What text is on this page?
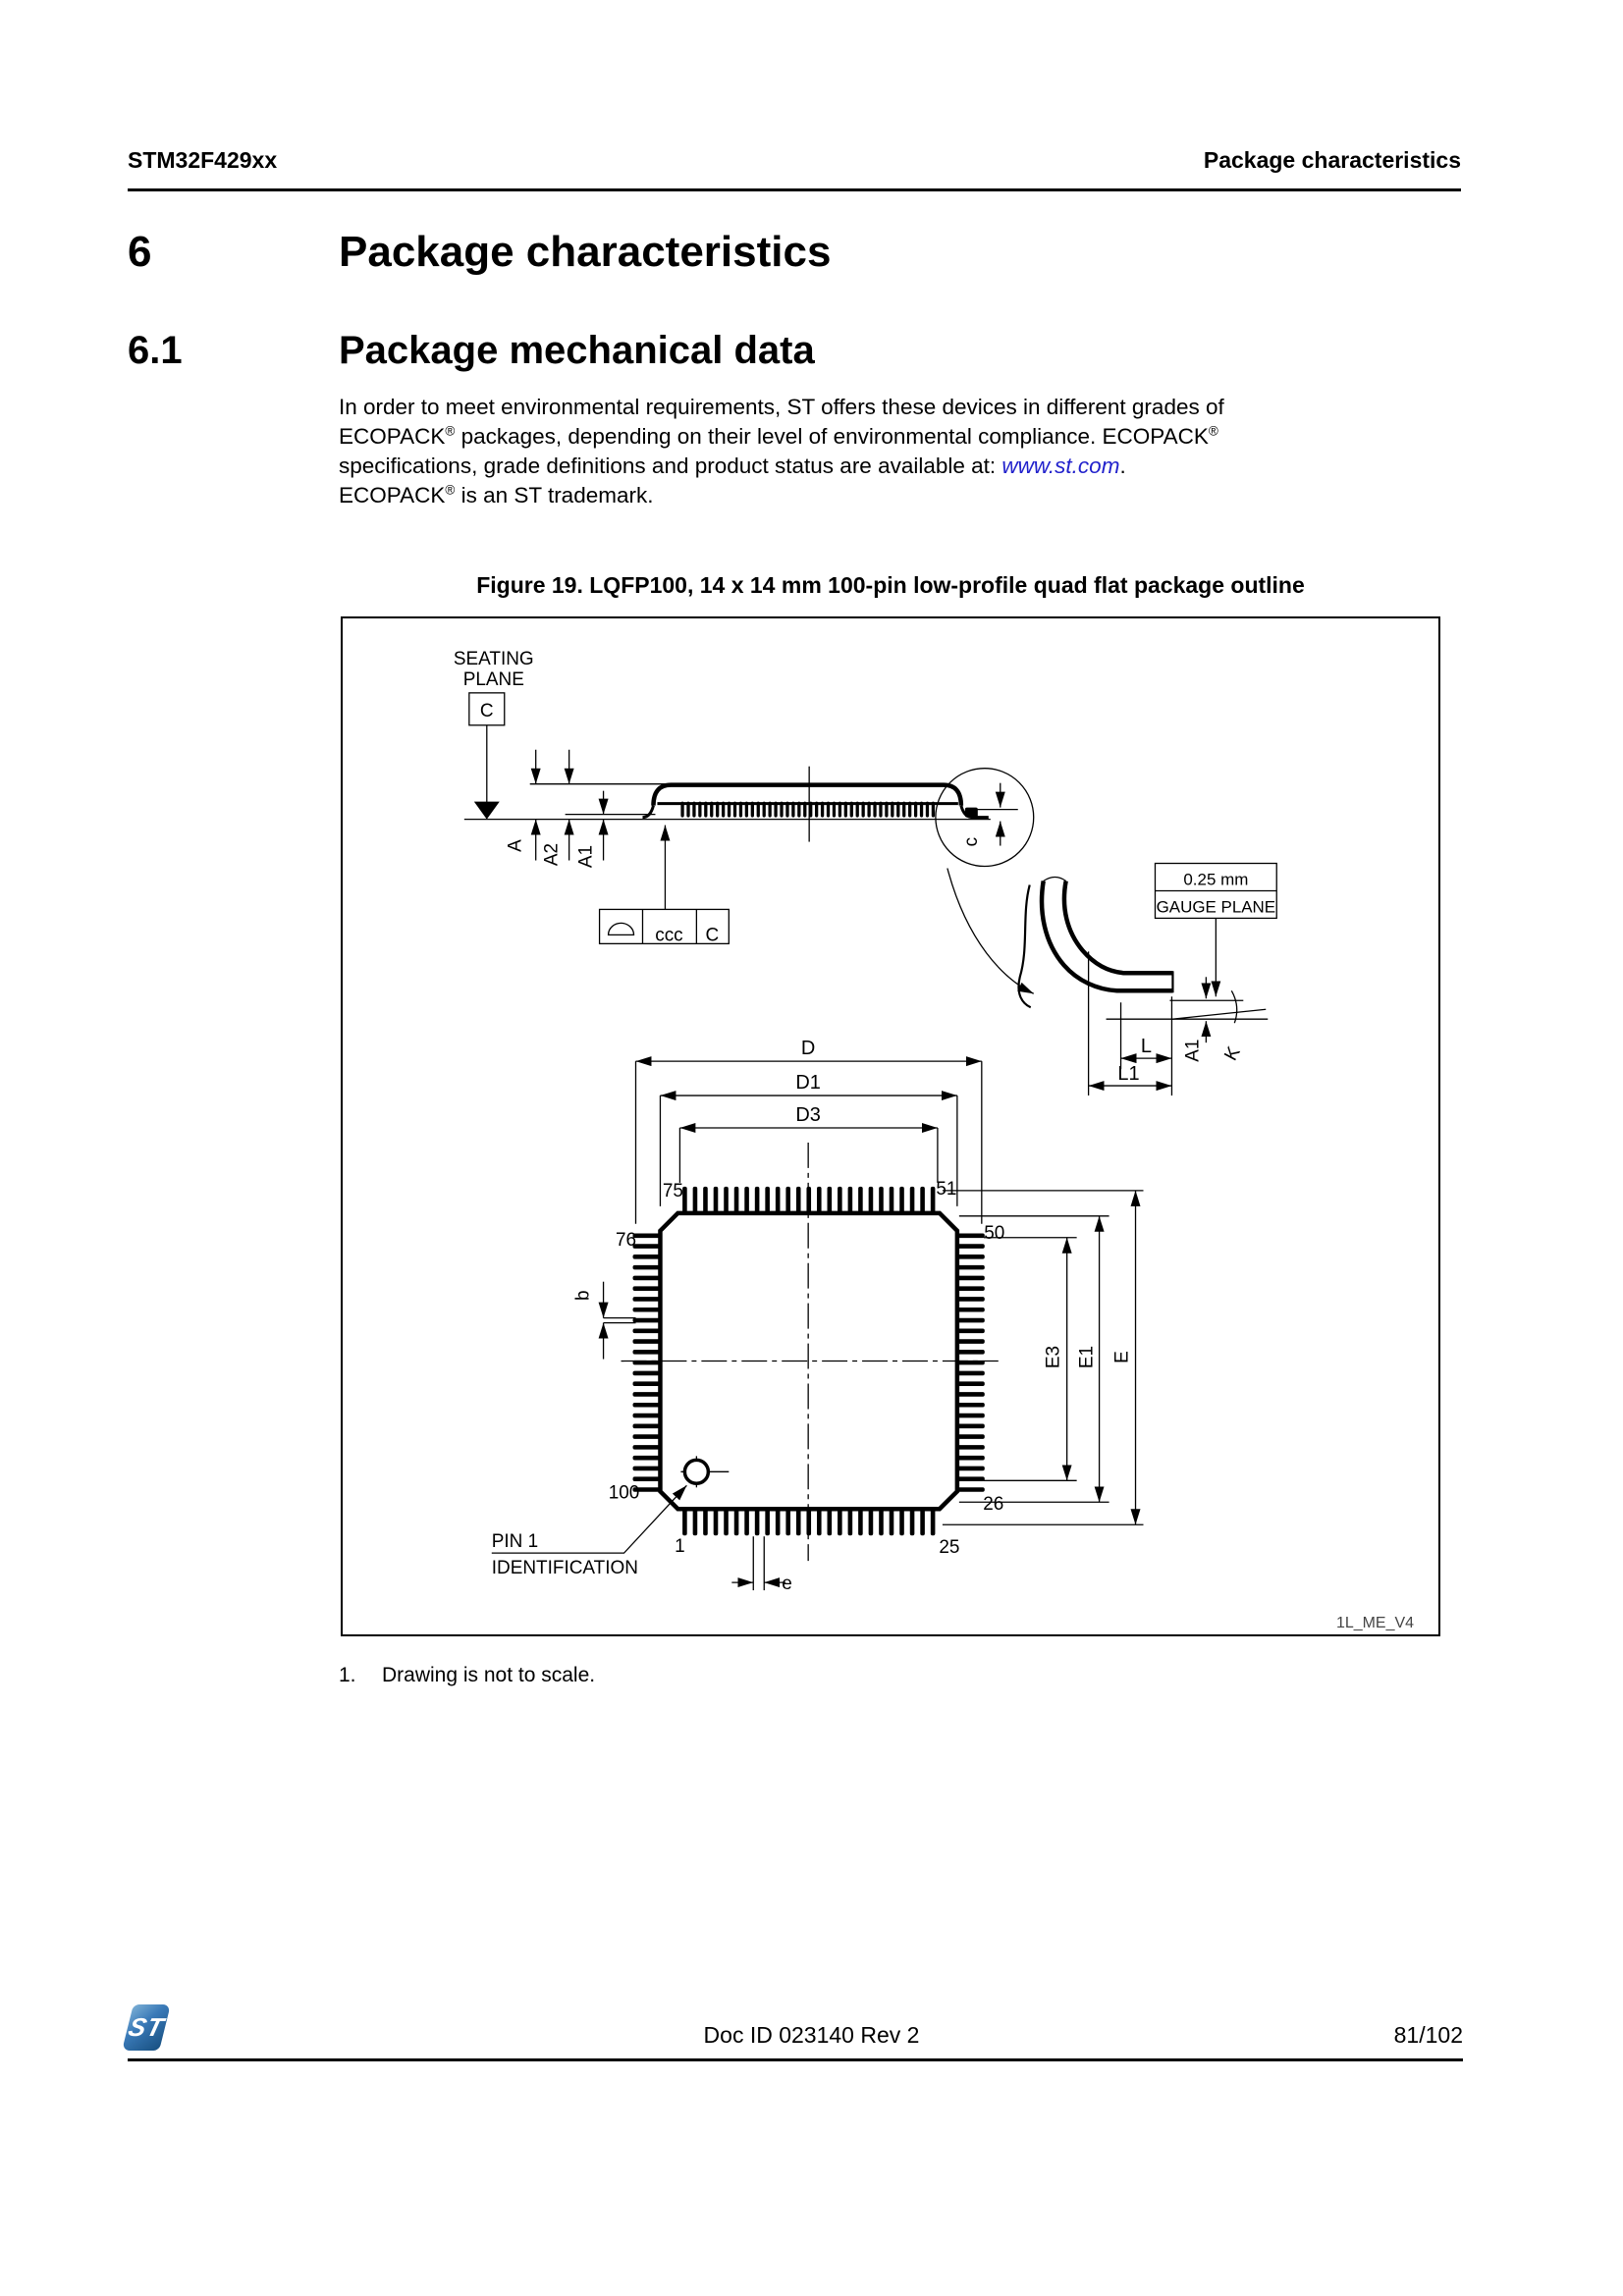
STM32F429xx	Package characteristics
6	Package characteristics
6.1	Package mechanical data
In order to meet environmental requirements, ST offers these devices in different grades of
ECOPACK® packages, depending on their level of environmental compliance. ECOPACK®
specifications, grade definitions and product status are available at: www.st.com.
ECOPACK® is an ST trademark.
Figure 19. LQFP100, 14 x 14 mm 100-pin low-profile quad flat package outline
SEATING
PLANE
C
A A2 A1
ccc C
c
0.25 mm
GAUGE PLANE
L
L1
A1 K
D
D1
D3
75	51
76	50
100
26
1	25
PIN 1
IDENTIFICATION
b
e
E3 E1 E
1L_ME_V4
1. Drawing is not to scale.
ST	Doc ID 023140 Rev 2	81/102
